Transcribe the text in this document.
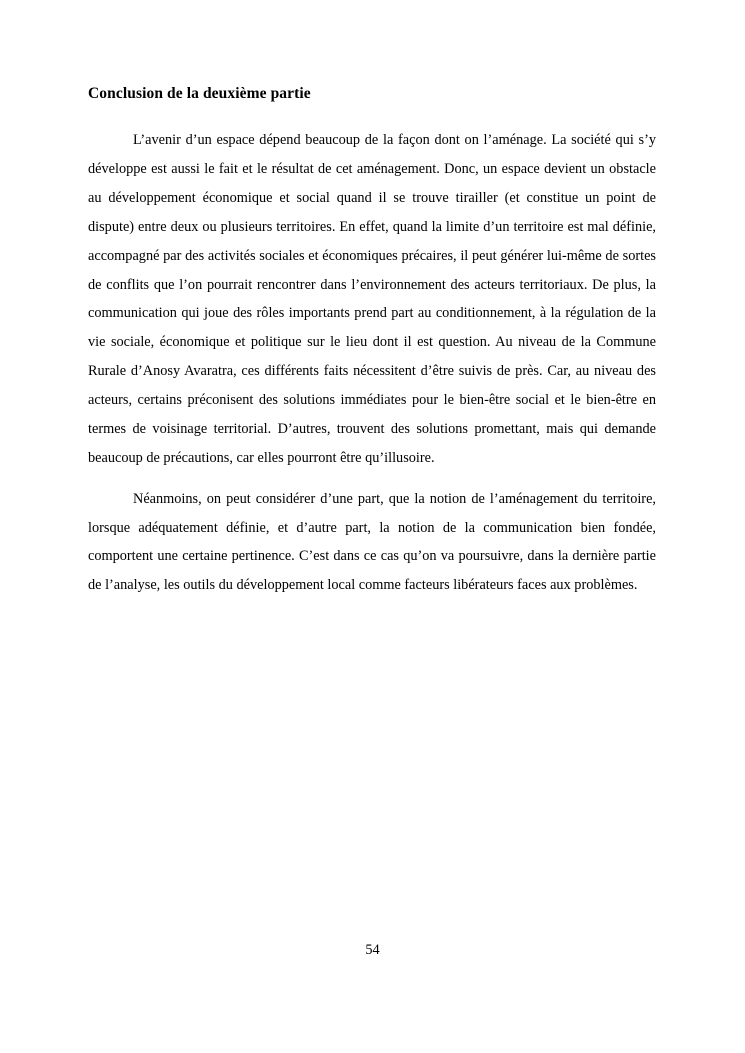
Conclusion de la deuxième partie

L’avenir d’un espace dépend beaucoup de la façon dont on l’aménage. La société qui s’y développe est aussi le fait et le résultat de cet aménagement. Donc, un espace devient un obstacle au développement économique et social quand il se trouve tirailler (et constitue un point de dispute) entre deux ou plusieurs territoires. En effet, quand la limite d’un territoire est mal définie, accompagné par des activités sociales et économiques précaires, il peut générer lui-même de sortes de conflits que l’on pourrait rencontrer dans l’environnement des acteurs territoriaux. De plus, la communication qui joue des rôles importants prend part au conditionnement, à la régulation de la vie sociale, économique et politique sur le lieu dont il est question. Au niveau de la Commune Rurale d’Anosy Avaratra, ces différents faits nécessitent d’être suivis de près. Car, au niveau des acteurs, certains préconisent des solutions immédiates pour le bien-être social et le bien-être en termes de voisinage territorial. D’autres, trouvent des solutions promettant, mais qui demande beaucoup de précautions, car elles pourront être qu’illusoire.

Néanmoins, on peut considérer d’une part, que la notion de l’aménagement du territoire, lorsque adéquatement définie, et d’autre part, la notion de la communication bien fondée, comportent une certaine pertinence. C’est dans ce cas qu’on va poursuivre, dans la dernière partie de l’analyse, les outils du développement local comme facteurs libérateurs faces aux problèmes.

54
